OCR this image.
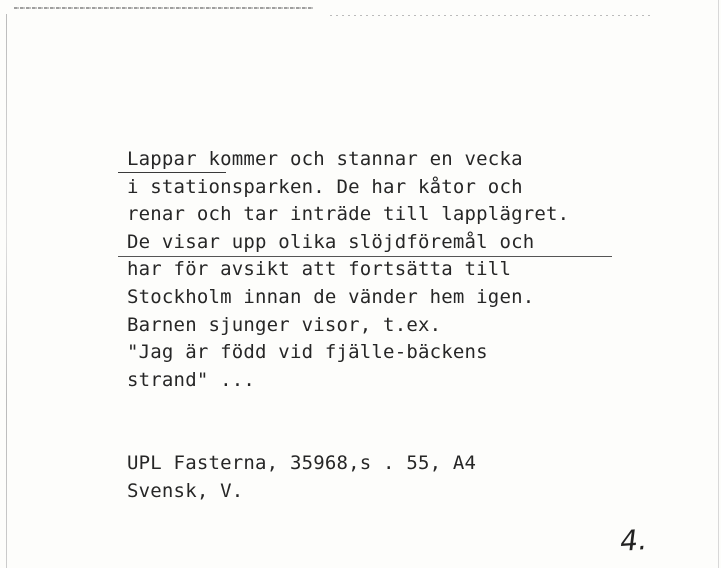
Lappar kommer och stannar en vecka
i stationsparken. De har kåtor och
renar och tar inträde till lapplägret.
De visar upp olika slöjdföremål och
har för avsikt att fortsätta till
Stockholm innan de vänder hem igen.
Barnen sjunger visor, t.ex.
"Jag är född vid fjälle-bäckens
strand" ...
UPL Fasterna, 35968,s . 55, A4
Svensk, V.
4.
